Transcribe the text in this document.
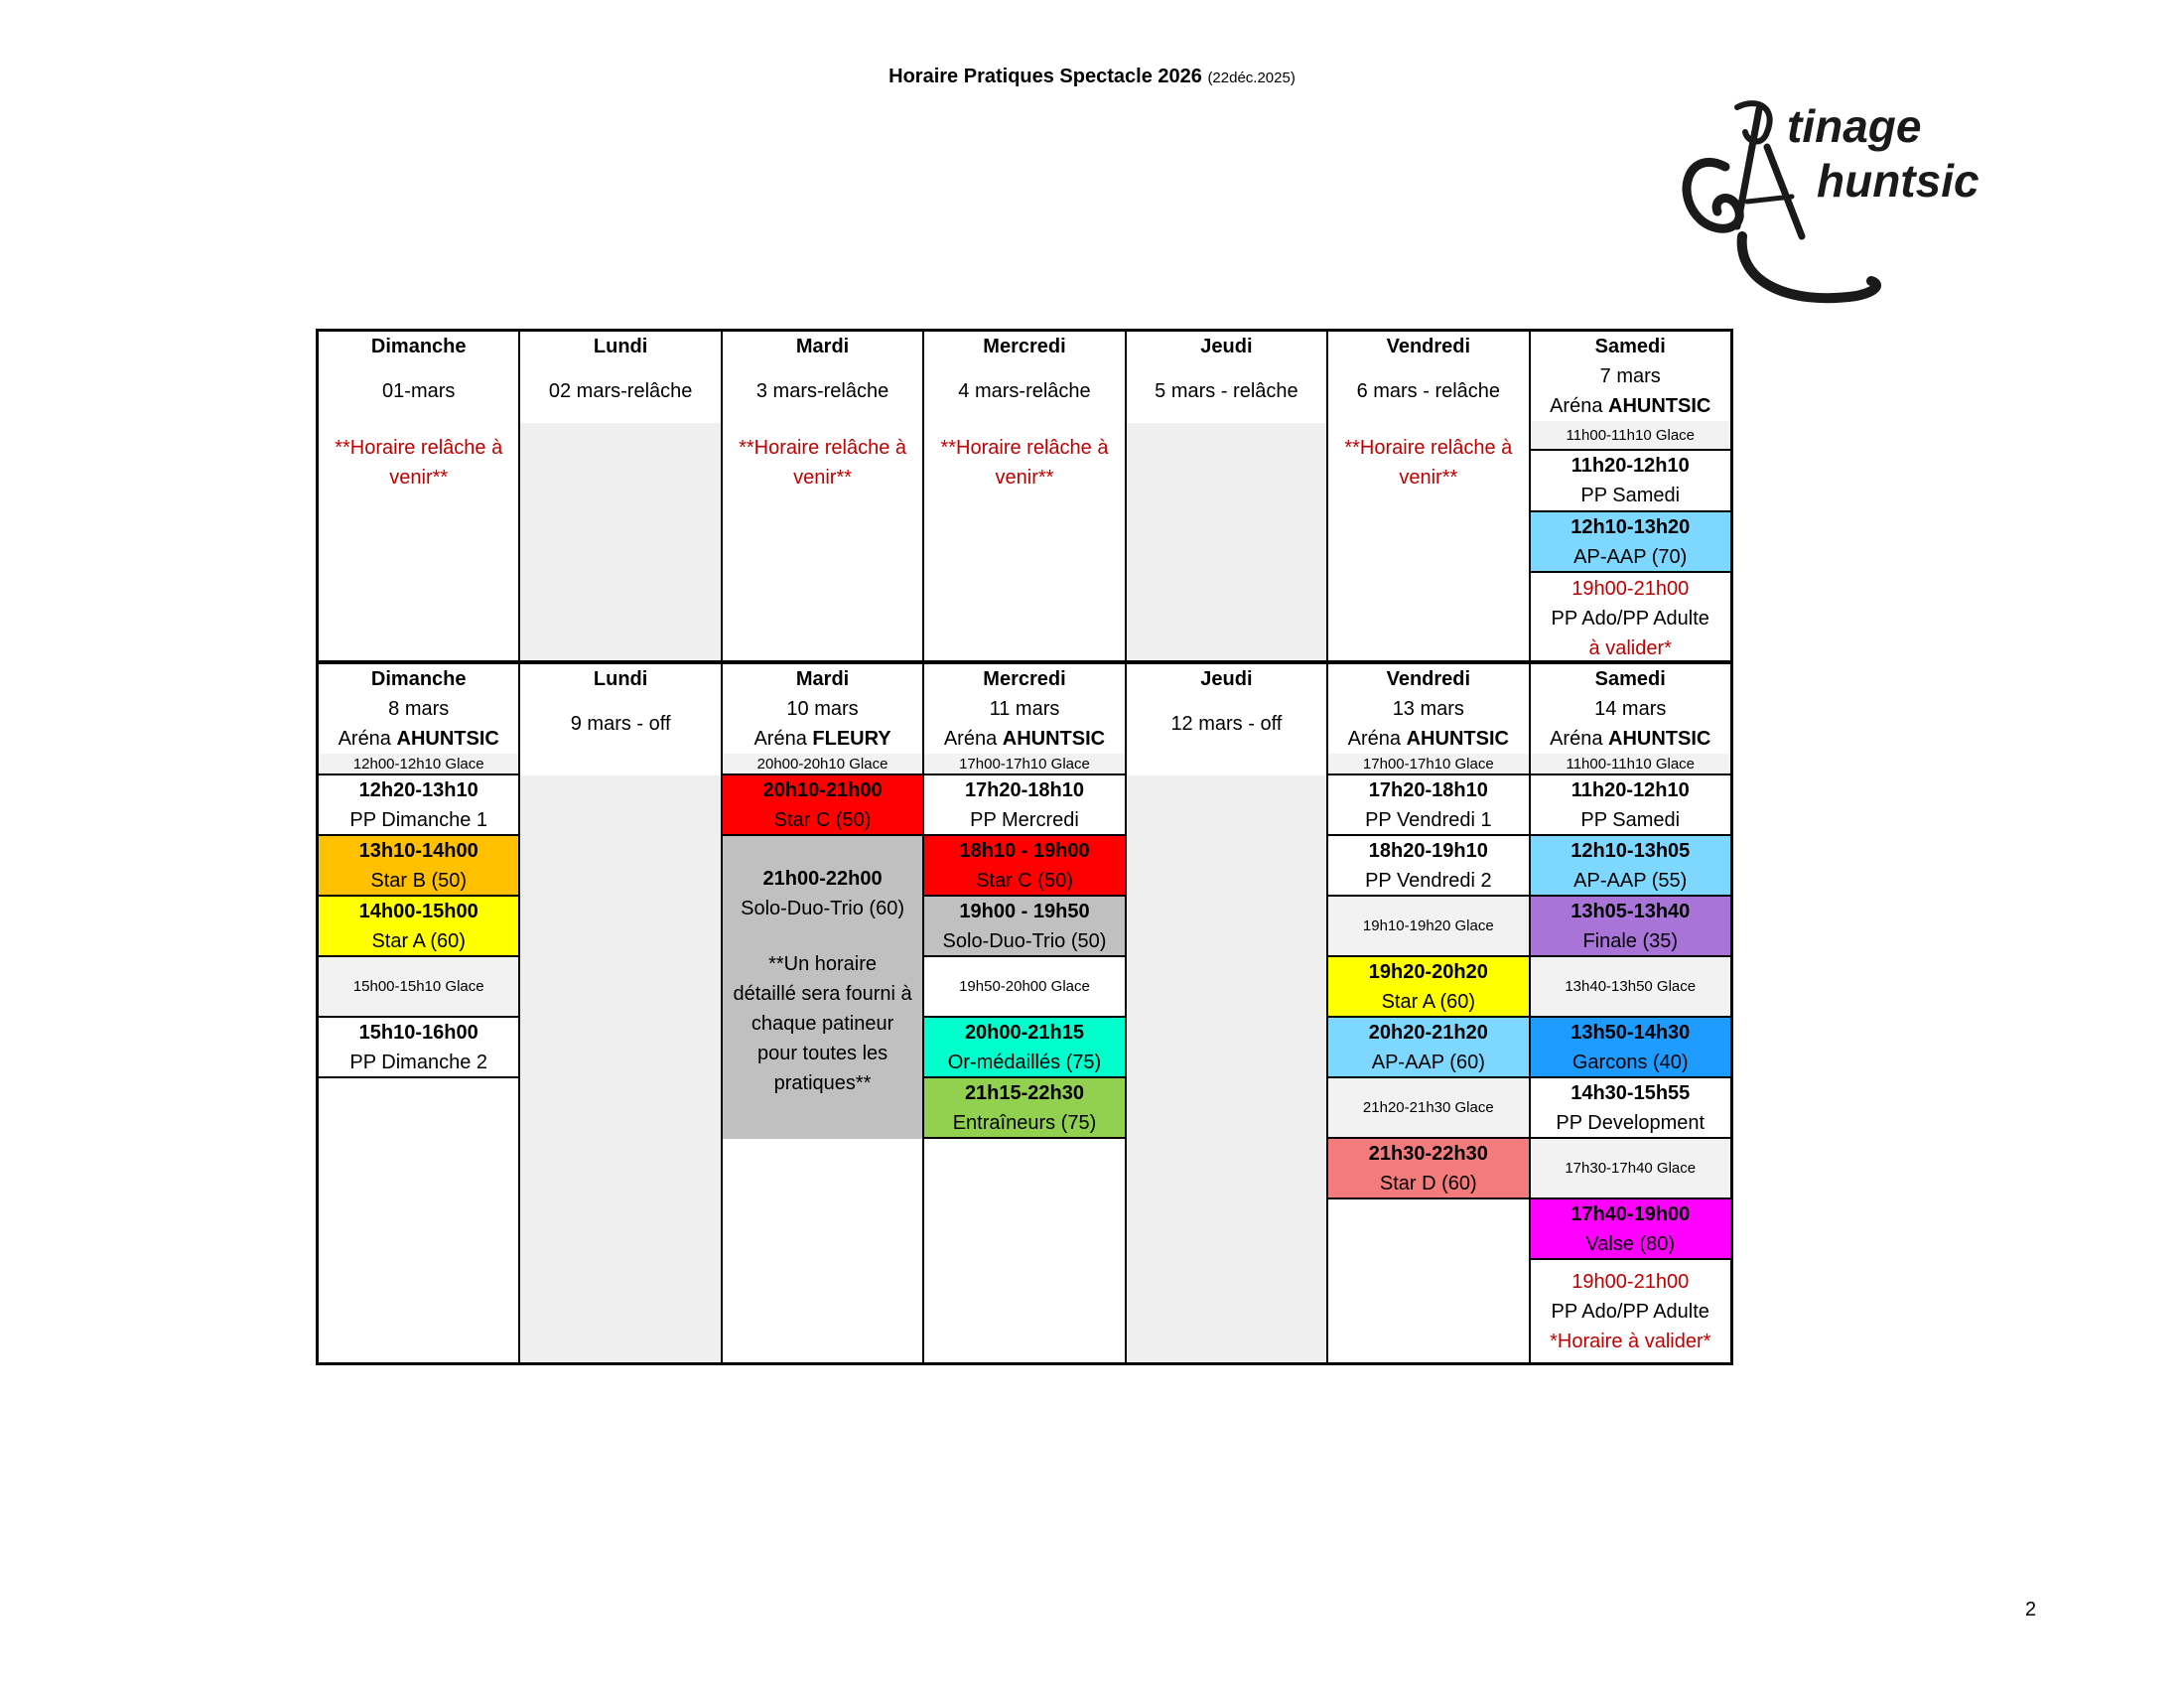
Horaire Pratiques Spectacle 2026 (22déc.2025)
tinage
huntsic
Dimanche
01-mars
**Horaire relâche à
venir**
Lundi
02 mars-relâche
Mardi
3 mars-relâche
**Horaire relâche à
venir**
Mercredi
4 mars-relâche
**Horaire relâche à
venir**
Jeudi
5 mars - relâche
Vendredi
6 mars - relâche
**Horaire relâche à
venir**
Samedi
7 mars
Aréna AHUNTSIC
11h00-11h10 Glace
11h20-12h10
PP Samedi
12h10-13h20
AP-AAP (70)
19h00-21h00
PP Ado/PP Adulte
à valider*
Dimanche
8 mars
Aréna AHUNTSIC
12h00-12h10 Glace
12h20-13h10
PP Dimanche 1
13h10-14h00
Star B (50)
14h00-15h00
Star A (60)
15h00-15h10 Glace
15h10-16h00
PP Dimanche 2
Lundi
9 mars - off
Mardi
10 mars
Aréna FLEURY
20h00-20h10 Glace
20h10-21h00
Star C (50)
21h00-22h00
Solo-Duo-Trio (60)
**Un horaire
détaillé sera fourni à
chaque patineur
pour toutes les
pratiques**
Mercredi
11 mars
Aréna AHUNTSIC
17h00-17h10 Glace
17h20-18h10
PP Mercredi
18h10 - 19h00
Star C (50)
19h00 - 19h50
Solo-Duo-Trio (50)
19h50-20h00 Glace
20h00-21h15
Or-médaillés (75)
21h15-22h30
Entraîneurs (75)
Jeudi
12 mars - off
Vendredi
13 mars
Aréna AHUNTSIC
17h00-17h10 Glace
17h20-18h10
PP Vendredi 1
18h20-19h10
PP Vendredi 2
19h10-19h20 Glace
19h20-20h20
Star A (60)
20h20-21h20
AP-AAP (60)
21h20-21h30 Glace
21h30-22h30
Star D (60)
Samedi
14 mars
Aréna AHUNTSIC
11h00-11h10 Glace
11h20-12h10
PP Samedi
12h10-13h05
AP-AAP (55)
13h05-13h40
Finale (35)
13h40-13h50 Glace
13h50-14h30
Garcons (40)
14h30-15h55
PP Development
17h30-17h40 Glace
17h40-19h00
Valse (80)
19h00-21h00
PP Ado/PP Adulte
*Horaire à valider*
2
